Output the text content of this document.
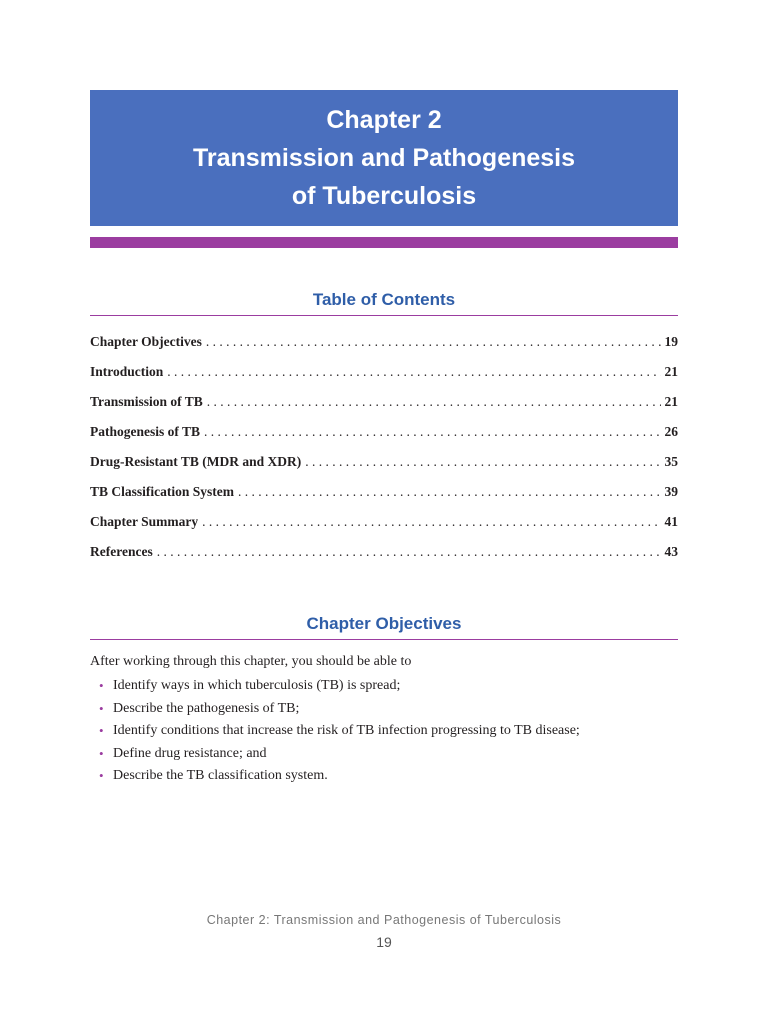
Chapter 2
Transmission and Pathogenesis
of Tuberculosis
Table of Contents
Chapter Objectives . . .	19
Introduction . . .	21
Transmission of TB . . .	21
Pathogenesis of TB . . .	26
Drug-Resistant TB (MDR and XDR) . . .	35
TB Classification System . . .	39
Chapter Summary . . .	41
References . . .	43
Chapter Objectives
After working through this chapter, you should be able to
• Identify ways in which tuberculosis (TB) is spread;
• Describe the pathogenesis of TB;
• Identify conditions that increase the risk of TB infection progressing to TB disease;
• Define drug resistance; and
• Describe the TB classification system.
Chapter 2: Transmission and Pathogenesis of Tuberculosis
19
